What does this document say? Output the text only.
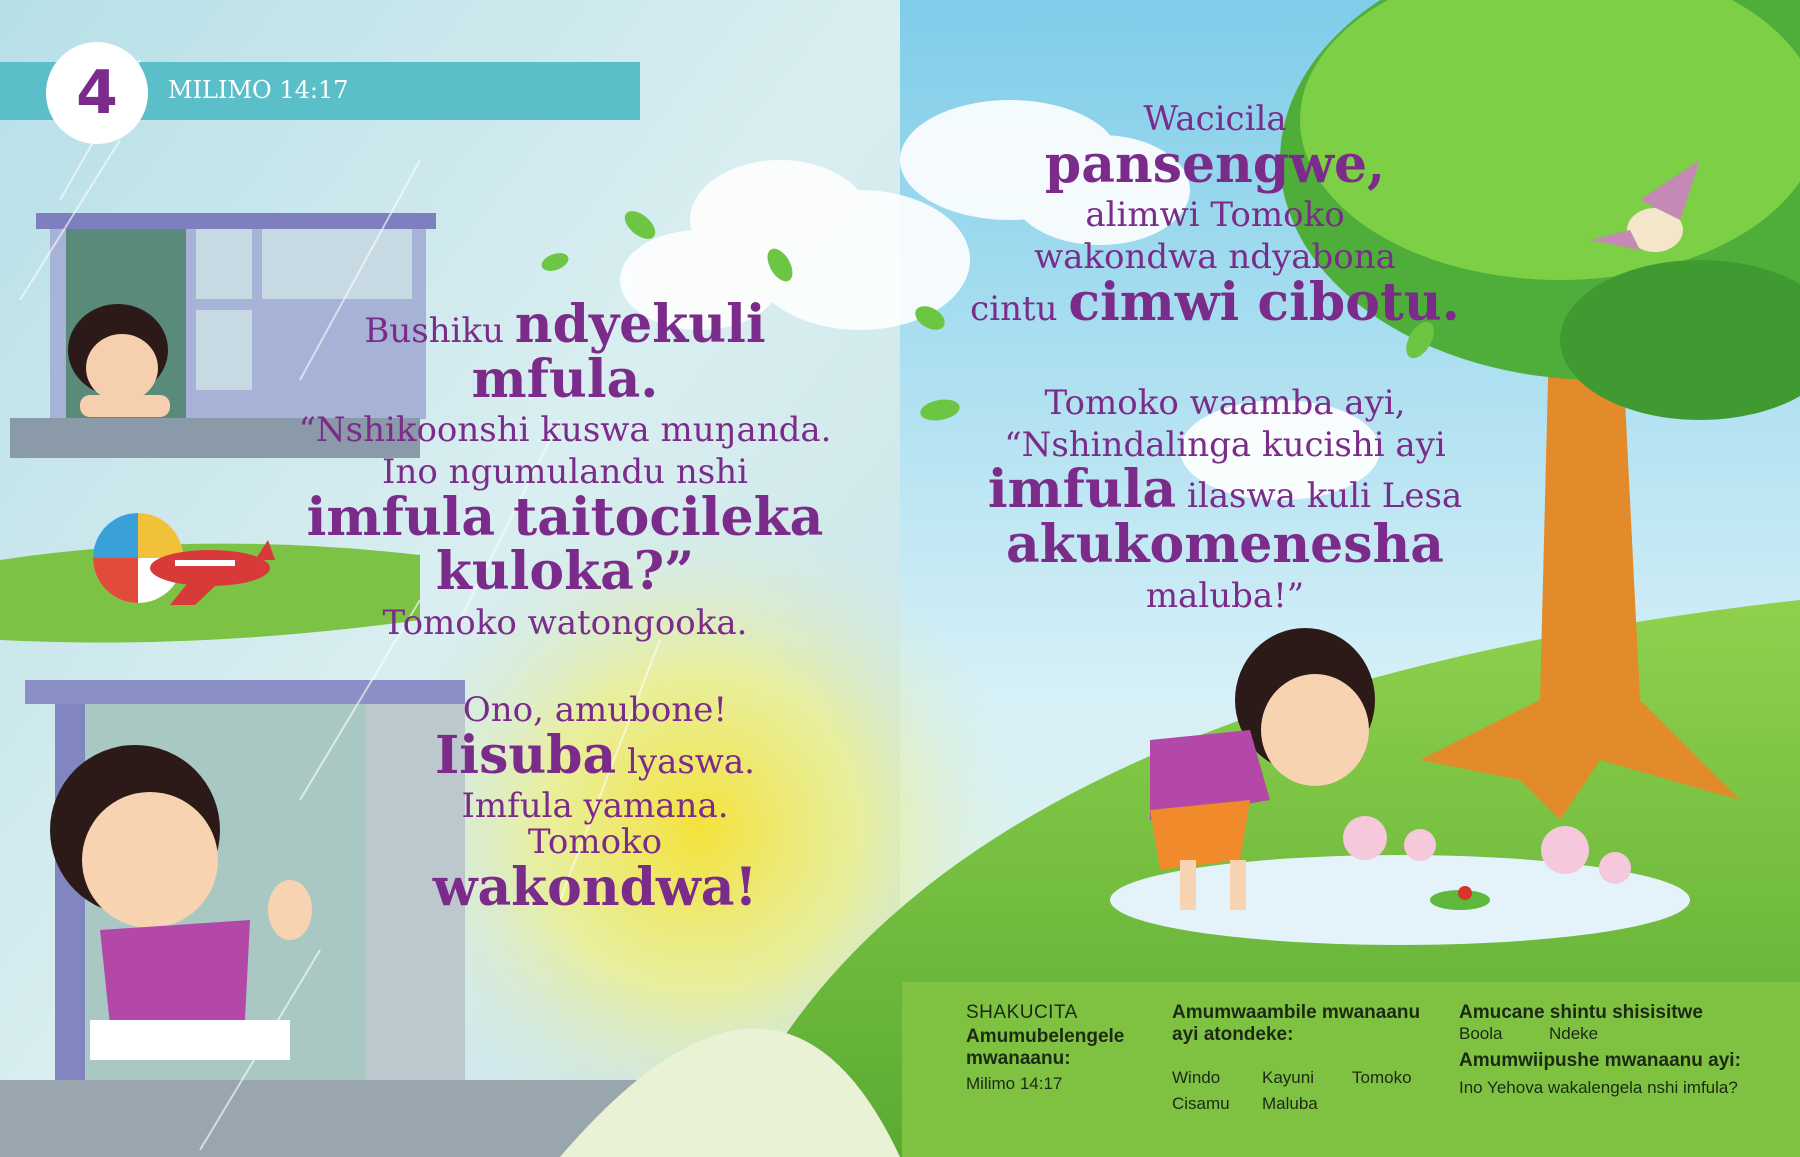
4	MILIMO 14:17

Bushiku ndyekuli mfula.

“Nshikoonshi kuswa muŋanda.

Ino ngumulandu nshi

imfula taitocileka

kuloka?”

Tomoko watongooka.

Ono, amubone!

Iisuba lyaswa.

Imfula yamana.

Tomoko wakondwa!

Wacicila

pansengwe,

alimwi Tomoko

wakondwa ndyabona

cintu cimwi cibotu.

Tomoko waamba ayi,

“Nshindalinga kucishi ayi

imfula ilaswa kuli Lesa

akukomenesha

maluba!”

SHAKUCITA
Amumubelengele mwanaanu:
Milimo 14:17
Amumwaambile mwanaanu ayi atondeke:
Windo Kayuni Tomoko
Cisamu Maluba
Amucane shintu shisisitwe
Boola	Ndeke
Amumwiipushe mwanaanu ayi:
Ino Yehova wakalengela nshi imfula?
